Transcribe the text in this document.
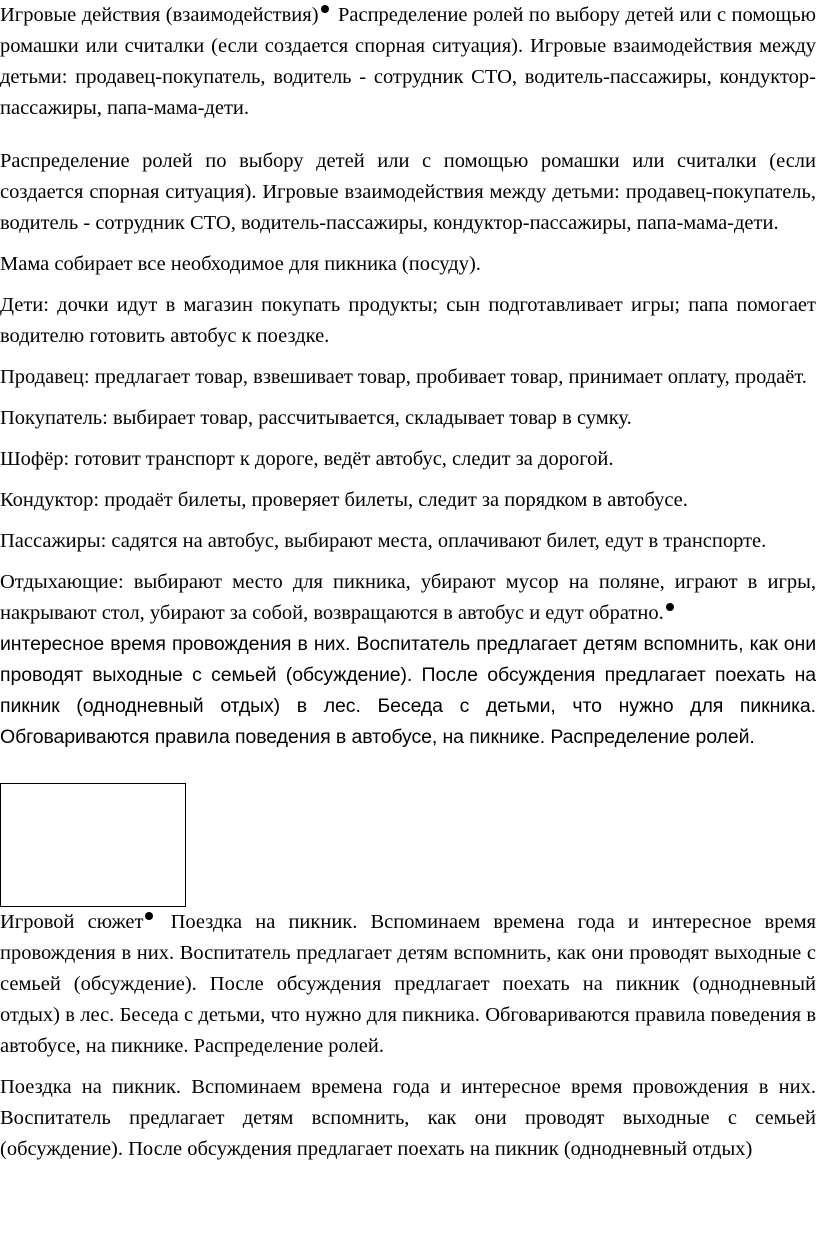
Игровые действия (взаимодействия) Распределение ролей по выбору детей или с помощью ромашки или считалки (если создается спорная ситуация). Игровые взаимодействия между детьми: продавец-покупатель, водитель - сотрудник СТО, водитель-пассажиры, кондуктор-пассажиры, папа-мама-дети.

Распределение ролей по выбору детей или с помощью ромашки или считалки (если создается спорная ситуация). Игровые взаимодействия между детьми: продавец-покупатель, водитель - сотрудник СТО, водитель-пассажиры, кондуктор-пассажиры, папа-мама-дети.

Мама собирает все необходимое для пикника (посуду).

Дети: дочки идут в магазин покупать продукты; сын подготавливает игры; папа помогает водителю готовить автобус к поездке.

Продавец: предлагает товар, взвешивает товар, пробивает товар, принимает оплату, продаёт.

Покупатель: выбирает товар, рассчитывается, складывает товар в сумку.

Шофёр: готовит транспорт к дороге, ведёт автобус, следит за дорогой.

Кондуктор: продаёт билеты, проверяет билеты, следит за порядком в автобусе.

Пассажиры: садятся на автобус, выбирают места, оплачивают билет, едут в транспорте.

Отдыхающие: выбирают место для пикника, убирают мусор на поляне, играют в игры, накрывают стол, убирают за собой, возвращаются в автобус и едут обратно.

интересное время провождения в них. Воспитатель предлагает детям вспомнить, как они проводят выходные с семьей (обсуждение). После обсуждения предлагает поехать на пикник (однодневный отдых) в лес. Беседа с детьми, что нужно для пикника. Обговариваются правила поведения в автобусе, на пикнике. Распределение ролей.

Игровой сюжет Поездка на пикник. Вспоминаем времена года и интересное время провождения в них. Воспитатель предлагает детям вспомнить, как они проводят выходные с семьей (обсуждение). После обсуждения предлагает поехать на пикник (однодневный отдых) в лес. Беседа с детьми, что нужно для пикника. Обговариваются правила поведения в автобусе, на пикнике. Распределение ролей.

Поездка на пикник. Вспоминаем времена года и интересное время провождения в них. Воспитатель предлагает детям вспомнить, как они проводят выходные с семьей (обсуждение). После обсуждения предлагает поехать на пикник (однодневный отдых)
